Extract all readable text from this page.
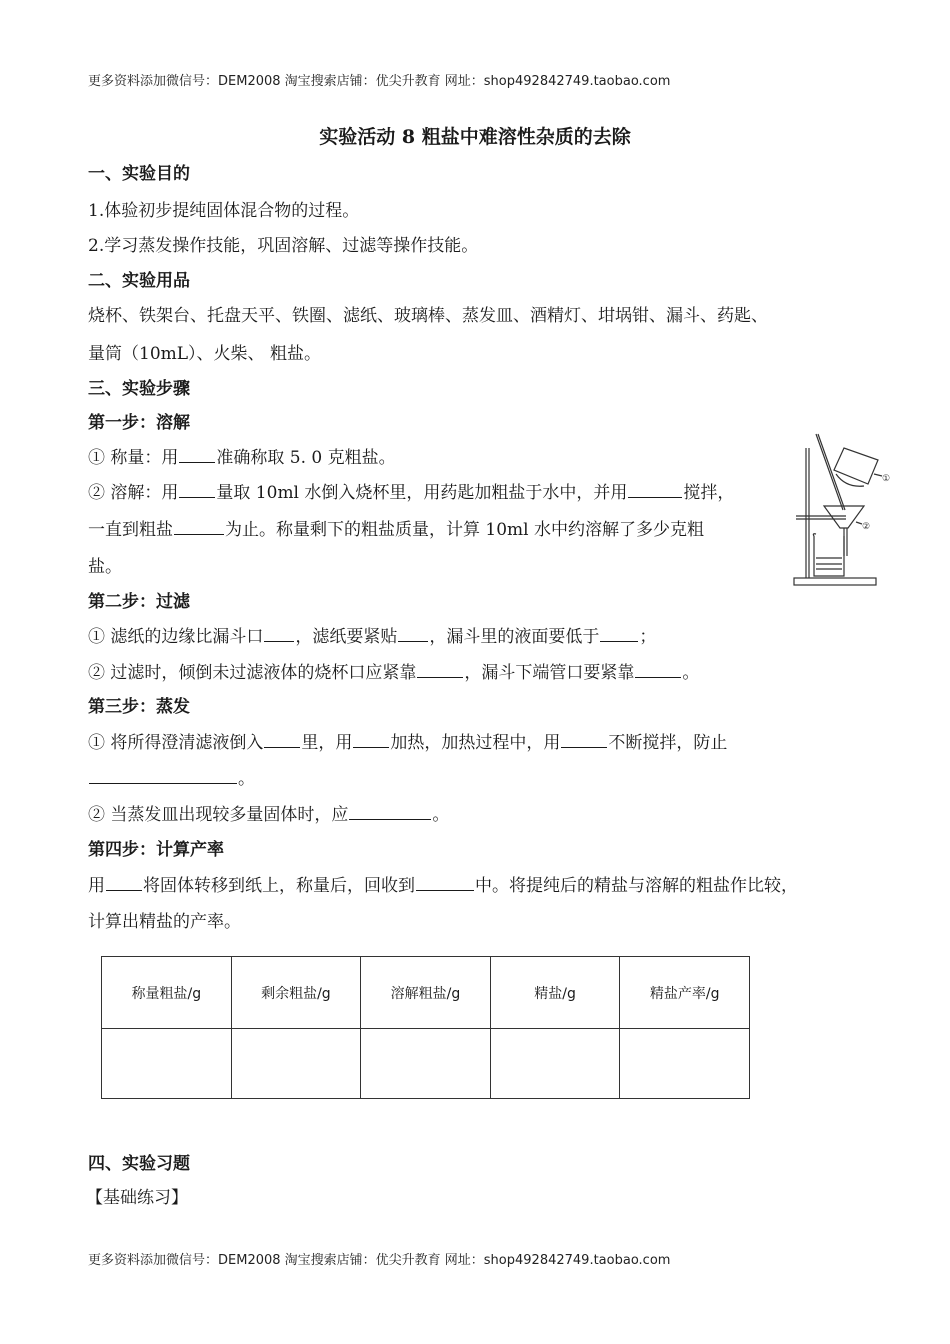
更多资料添加微信号：DEM2008 淘宝搜索店铺：优尖升教育 网址：shop492842749.taobao.com
实验活动 8 粗盐中难溶性杂质的去除
一、实验目的
1.体验初步提纯固体混合物的过程。
2.学习蒸发操作技能，巩固溶解、过滤等操作技能。
二、实验用品
烧杯、铁架台、托盘天平、铁圈、滤纸、玻璃棒、蒸发皿、酒精灯、坩埚钳、漏斗、药匙、
量筒（10mL）、火柴、 粗盐。
三、实验步骤
第一步：溶解
① 称量：用 准确称取 5. 0 克粗盐。
② 溶解：用 量取 10ml 水倒入烧杯里，用药匙加粗盐于水中，并用	搅拌，
一直到粗盐	为止。称量剩下的粗盐质量，计算 10ml 水中约溶解了多少克粗
盐。
①
②
第二步：过滤
① 滤纸的边缘比漏斗口 ，滤纸要紧贴 ，漏斗里的液面要低于 ；
② 过滤时，倾倒未过滤液体的烧杯口应紧靠	，漏斗下端管口要紧靠	。
第三步：蒸发
① 将所得澄清滤液倒入 里，用 加热，加热过程中，用	不断搅拌，防止
。
② 当蒸发皿出现较多量固体时，应	。
第四步：计算产率
用 将固体转移到纸上，称量后，回收到	中。将提纯后的精盐与溶解的粗盐作比较，
计算出精盐的产率。
称量粗盐/g	剩余粗盐/g	溶解粗盐/g	精盐/g	精盐产率/g

四、实验习题
【基础练习】
更多资料添加微信号：DEM2008 淘宝搜索店铺：优尖升教育 网址：shop492842749.taobao.com
